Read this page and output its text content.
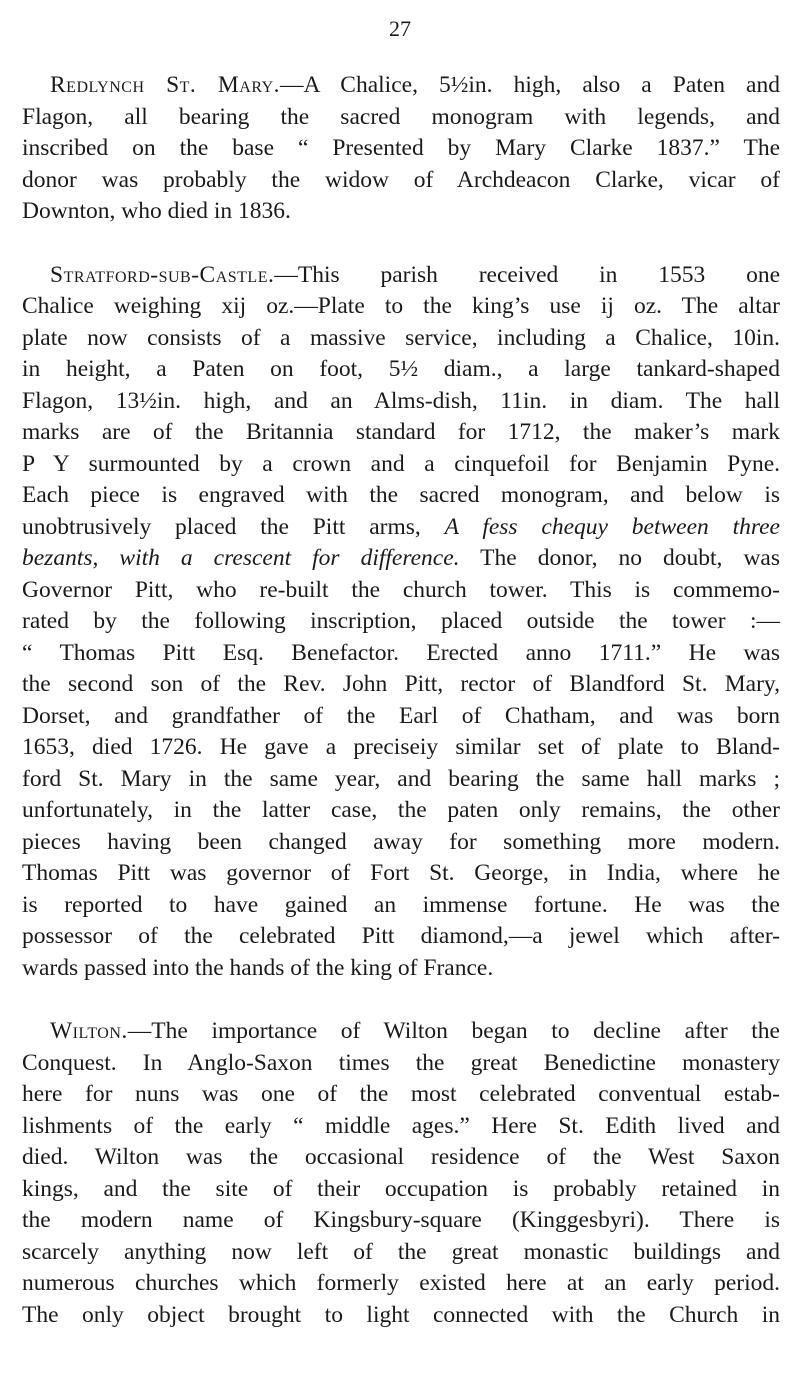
27
Redlynch St. Mary.—A Chalice, 5½in. high, also a Paten and
Flagon, all bearing the sacred monogram with legends, and
inscribed on the base “ Presented by Mary Clarke 1837.” The
donor was probably the widow of Archdeacon Clarke, vicar of
Downton, who died in 1836.
Stratford-sub-Castle.—This parish received in 1553 one
Chalice weighing xij oz.—Plate to the king’s use ij oz. The altar
plate now consists of a massive service, including a Chalice, 10in.
in height, a Paten on foot, 5½ diam., a large tankard-shaped
Flagon, 13½in. high, and an Alms-dish, 11in. in diam. The hall
marks are of the Britannia standard for 1712, the maker’s mark
P Y surmounted by a crown and a cinquefoil for Benjamin Pyne.
Each piece is engraved with the sacred monogram, and below is
unobtrusively placed the Pitt arms, A fess chequy between three
bezants, with a crescent for difference. The donor, no doubt, was
Governor Pitt, who re-built the church tower. This is commemo-
rated by the following inscription, placed outside the tower :—
“ Thomas Pitt Esq. Benefactor. Erected anno 1711.” He was
the second son of the Rev. John Pitt, rector of Blandford St. Mary,
Dorset, and grandfather of the Earl of Chatham, and was born
1653, died 1726. He gave a preciseiy similar set of plate to Bland-
ford St. Mary in the same year, and bearing the same hall marks ;
unfortunately, in the latter case, the paten only remains, the other
pieces having been changed away for something more modern.
Thomas Pitt was governor of Fort St. George, in India, where he
is reported to have gained an immense fortune. He was the
possessor of the celebrated Pitt diamond,—a jewel which after-
wards passed into the hands of the king of France.
Wilton.—The importance of Wilton began to decline after the
Conquest. In Anglo-Saxon times the great Benedictine monastery
here for nuns was one of the most celebrated conventual estab-
lishments of the early “ middle ages.” Here St. Edith lived and
died. Wilton was the occasional residence of the West Saxon
kings, and the site of their occupation is probably retained in
the modern name of Kingsbury-square (Kinggesbyri). There is
scarcely anything now left of the great monastic buildings and
numerous churches which formerly existed here at an early period.
The only object brought to light connected with the Church in
